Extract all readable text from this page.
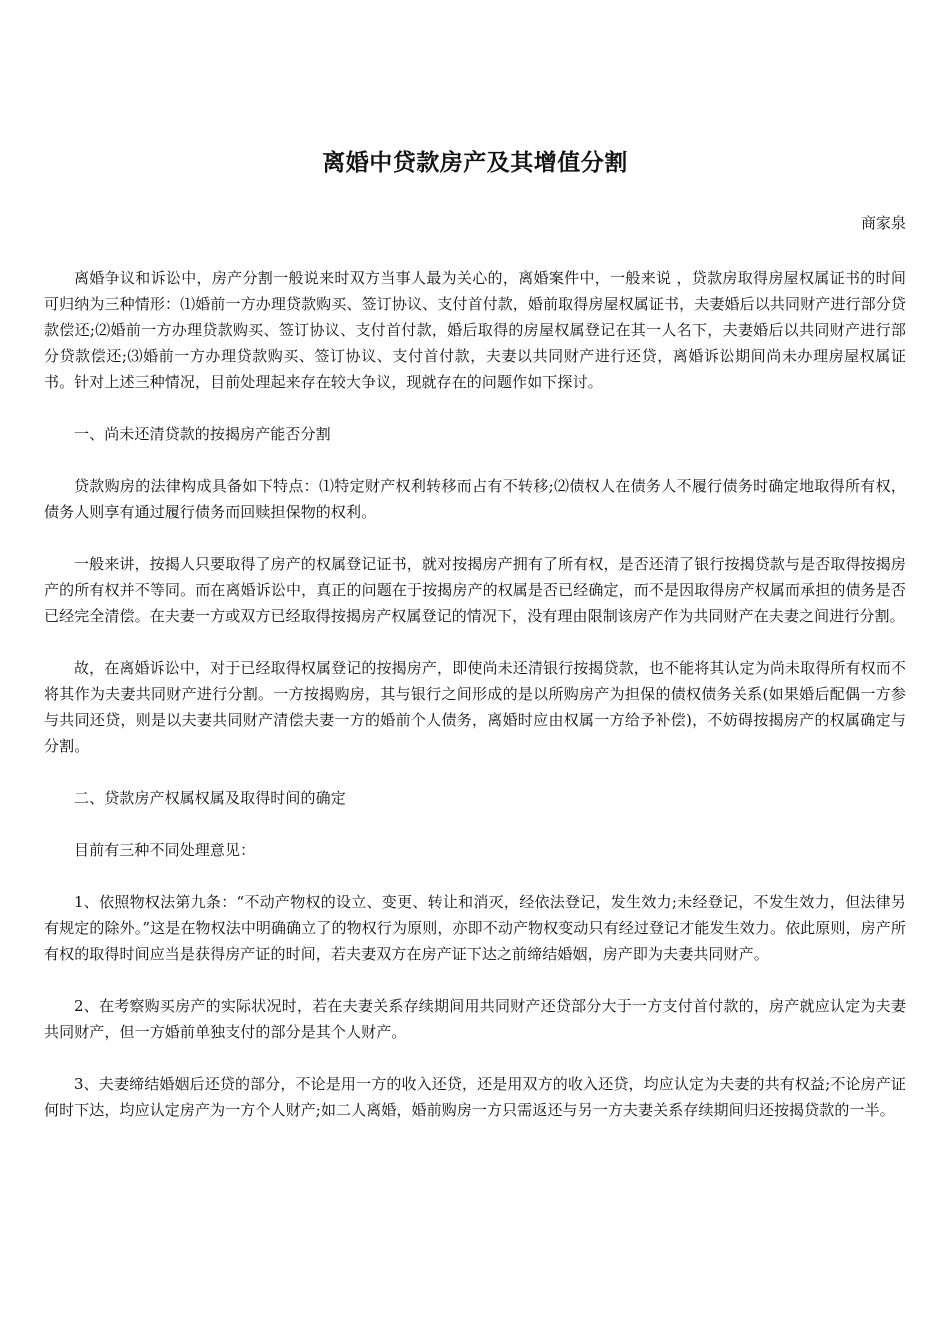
离婚中贷款房产及其增值分割

商家泉

离婚争议和诉讼中，房产分割一般说来时双方当事人最为关心的，离婚案件中，一般来说 ，贷款房取得房屋权属证书的时间可归纳为三种情形：⑴婚前一方办理贷款购买、签订协议、支付首付款，婚前取得房屋权属证书，夫妻婚后以共同财产进行部分贷款偿还;⑵婚前一方办理贷款购买、签订协议、支付首付款，婚后取得的房屋权属登记在其一人名下，夫妻婚后以共同财产进行部分贷款偿还;⑶婚前一方办理贷款购买、签订协议、支付首付款，夫妻以共同财产进行还贷，离婚诉讼期间尚未办理房屋权属证书。针对上述三种情况，目前处理起来存在较大争议，现就存在的问题作如下探讨。

一、尚未还清贷款的按揭房产能否分割

贷款购房的法律构成具备如下特点：⑴特定财产权利转移而占有不转移;⑵债权人在债务人不履行债务时确定地取得所有权，债务人则享有通过履行债务而回赎担保物的权利。

一般来讲，按揭人只要取得了房产的权属登记证书，就对按揭房产拥有了所有权，是否还清了银行按揭贷款与是否取得按揭房产的所有权并不等同。而在离婚诉讼中，真正的问题在于按揭房产的权属是否已经确定，而不是因取得房产权属而承担的债务是否已经完全清偿。在夫妻一方或双方已经取得按揭房产权属登记的情况下，没有理由限制该房产作为共同财产在夫妻之间进行分割。

故，在离婚诉讼中，对于已经取得权属登记的按揭房产，即使尚未还清银行按揭贷款，也不能将其认定为尚未取得所有权而不将其作为夫妻共同财产进行分割。一方按揭购房，其与银行之间形成的是以所购房产为担保的债权债务关系(如果婚后配偶一方参与共同还贷，则是以夫妻共同财产清偿夫妻一方的婚前个人债务，离婚时应由权属一方给予补偿)，不妨碍按揭房产的权属确定与分割。

二、贷款房产权属权属及取得时间的确定

目前有三种不同处理意见：

1、依照物权法第九条：“不动产物权的设立、变更、转让和消灭，经依法登记，发生效力;未经登记，不发生效力，但法律另有规定的除外。”这是在物权法中明确确立了的物权行为原则，亦即不动产物权变动只有经过登记才能发生效力。依此原则，房产所有权的取得时间应当是获得房产证的时间，若夫妻双方在房产证下达之前缔结婚姻，房产即为夫妻共同财产。

2、在考察购买房产的实际状况时，若在夫妻关系存续期间用共同财产还贷部分大于一方支付首付款的，房产就应认定为夫妻共同财产，但一方婚前单独支付的部分是其个人财产。

3、夫妻缔结婚姻后还贷的部分，不论是用一方的收入还贷，还是用双方的收入还贷，均应认定为夫妻的共有权益;不论房产证何时下达，均应认定房产为一方个人财产;如二人离婚，婚前购房一方只需返还与另一方夫妻关系存续期间归还按揭贷款的一半。
